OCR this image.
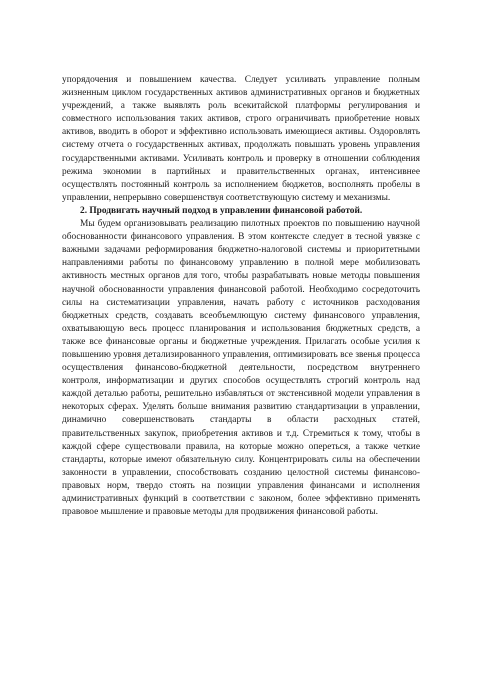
упорядочения и повышением качества. Следует усиливать управление полным жизненным циклом государственных активов административных органов и бюджетных учреждений, а также выявлять роль всекитайской платформы регулирования и совместного использования таких активов, строго ограничивать приобретение новых активов, вводить в оборот и эффективно использовать имеющиеся активы. Оздоровлять систему отчета о государственных активах, продолжать повышать уровень управления государственными активами. Усиливать контроль и проверку в отношении соблюдения режима экономии в партийных и правительственных органах, интенсивнее осуществлять постоянный контроль за исполнением бюджетов, восполнять пробелы в управлении, непрерывно совершенствуя соответствующую систему и механизмы.

2. Продвигать научный подход в управлении финансовой работой.

Мы будем организовывать реализацию пилотных проектов по повышению научной обоснованности финансового управления. В этом контексте следует в тесной увязке с важными задачами реформирования бюджетно-налоговой системы и приоритетными направлениями работы по финансовому управлению в полной мере мобилизовать активность местных органов для того, чтобы разрабатывать новые методы повышения научной обоснованности управления финансовой работой. Необходимо сосредоточить силы на систематизации управления, начать работу с источников расходования бюджетных средств, создавать всеобъемлющую систему финансового управления, охватывающую весь процесс планирования и использования бюджетных средств, а также все финансовые органы и бюджетные учреждения. Прилагать особые усилия к повышению уровня детализированного управления, оптимизировать все звенья процесса осуществления финансово-бюджетной деятельности, посредством внутреннего контроля, информатизации и других способов осуществлять строгий контроль над каждой деталью работы, решительно избавляться от экстенсивной модели управления в некоторых сферах. Уделять больше внимания развитию стандартизации в управлении, динамично совершенствовать стандарты в области расходных статей, правительственных закупок, приобретения активов и т.д. Стремиться к тому, чтобы в каждой сфере существовали правила, на которые можно опереться, а также четкие стандарты, которые имеют обязательную силу. Концентрировать силы на обеспечении законности в управлении, способствовать созданию целостной системы финансово-правовых норм, твердо стоять на позиции управления финансами и исполнения административных функций в соответствии с законом, более эффективно применять правовое мышление и правовые методы для продвижения финансовой работы.
